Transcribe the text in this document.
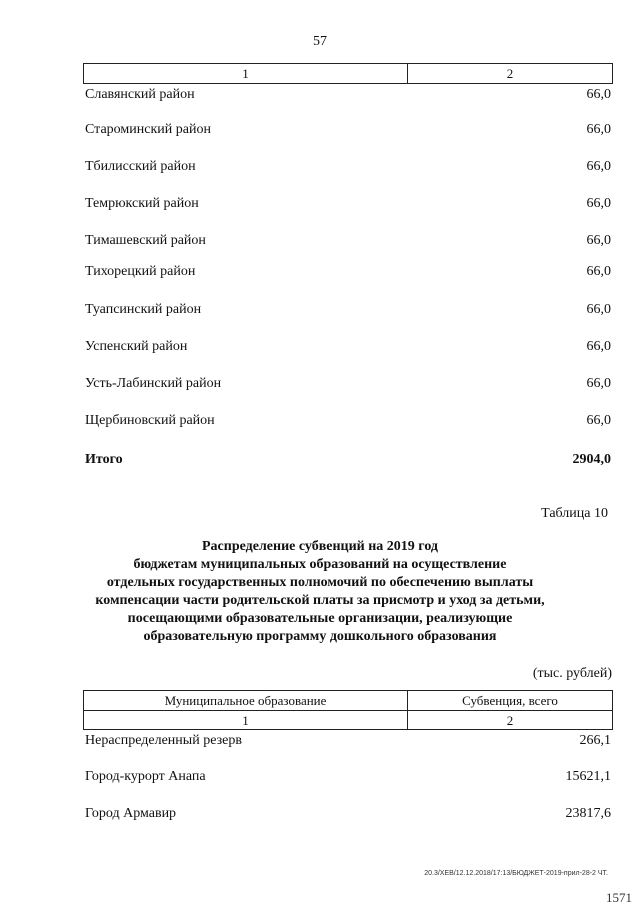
57
1	2
Славянский район	66,0
Староминский район	66,0
Тбилисский район	66,0
Темрюкский район	66,0
Тимашевский район	66,0
Тихорецкий район	66,0
Туапсинский район	66,0
Успенский район	66,0
Усть-Лабинский район	66,0
Щербиновский район	66,0
Итого	2904,0
Таблица 10
Распределение субвенций на 2019 год
бюджетам муниципальных образований на осуществление
отдельных государственных полномочий по обеспечению выплаты
компенсации части родительской платы за присмотр и уход за детьми,
посещающими образовательные организации, реализующие
образовательную программу дошкольного образования
(тыс. рублей)
Муниципальное образование	Субвенция, всего
1	2
Нераспределенный резерв	266,1
Город-курорт Анапа	15621,1
Город Армавир	23817,6
20.3/ХЕВ/12.12.2018/17:13/БЮДЖЕТ-2019-прил-28-2 ЧТ.
1571
